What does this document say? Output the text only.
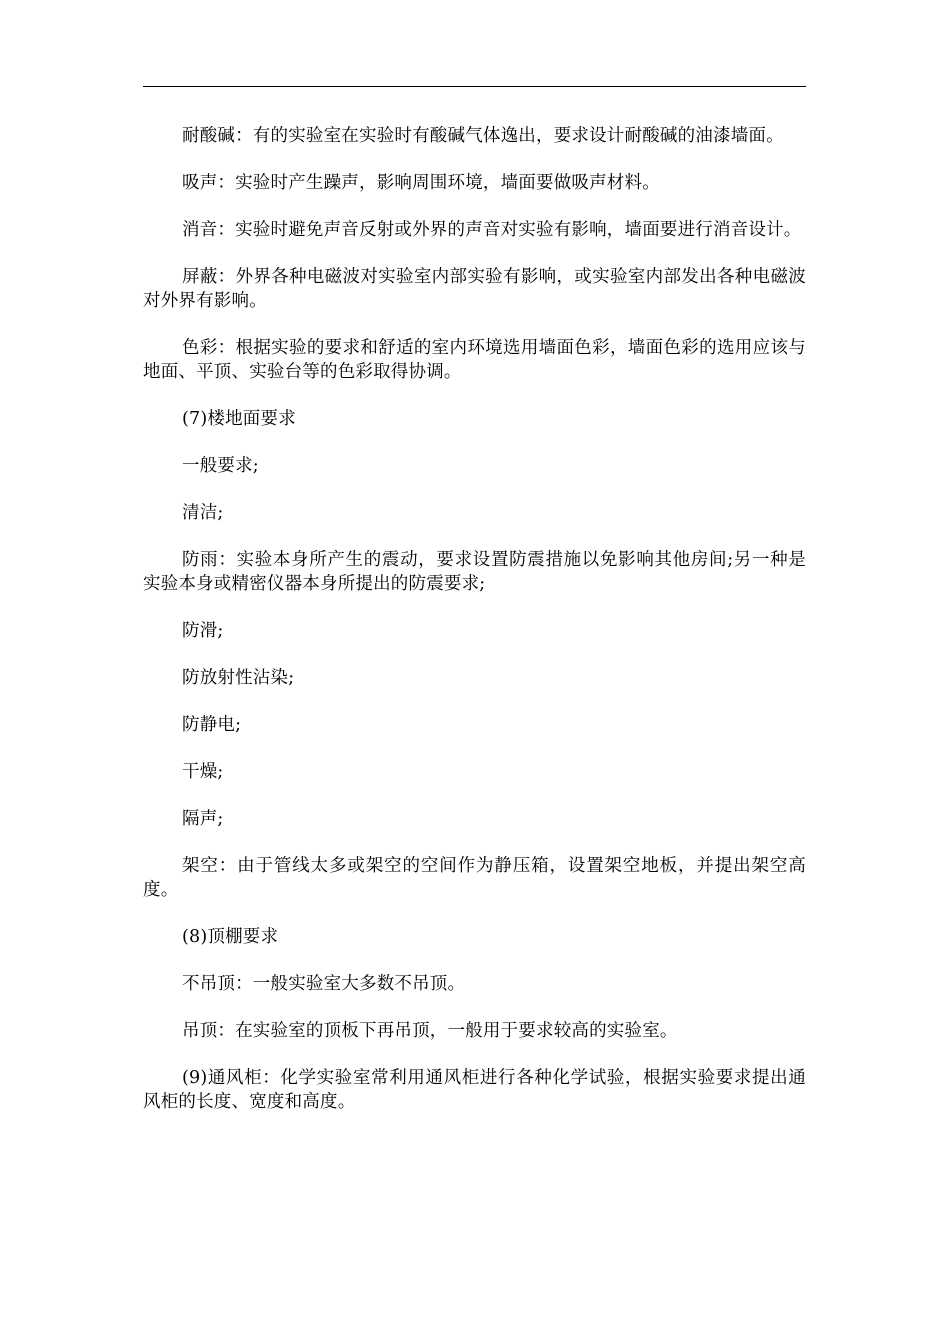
耐酸碱：有的实验室在实验时有酸碱气体逸出，要求设计耐酸碱的油漆墙面。

吸声：实验时产生躁声，影响周围环境，墙面要做吸声材料。

消音：实验时避免声音反射或外界的声音对实验有影响，墙面要进行消音设计。

屏蔽：外界各种电磁波对实验室内部实验有影响，或实验室内部发出各种电磁波对外界有影响。

色彩：根据实验的要求和舒适的室内环境选用墙面色彩，墙面色彩的选用应该与地面、平顶、实验台等的色彩取得协调。

(7)楼地面要求

一般要求;

清洁;

防雨：实验本身所产生的震动，要求设置防震措施以免影响其他房间;另一种是实验本身或精密仪器本身所提出的防震要求;

防滑;

防放射性沾染;

防静电;

干燥;

隔声;

架空：由于管线太多或架空的空间作为静压箱，设置架空地板，并提出架空高度。

(8)顶棚要求

不吊顶：一般实验室大多数不吊顶。

吊顶：在实验室的顶板下再吊顶，一般用于要求较高的实验室。

(9)通风柜：化学实验室常利用通风柜进行各种化学试验，根据实验要求提出通风柜的长度、宽度和高度。
